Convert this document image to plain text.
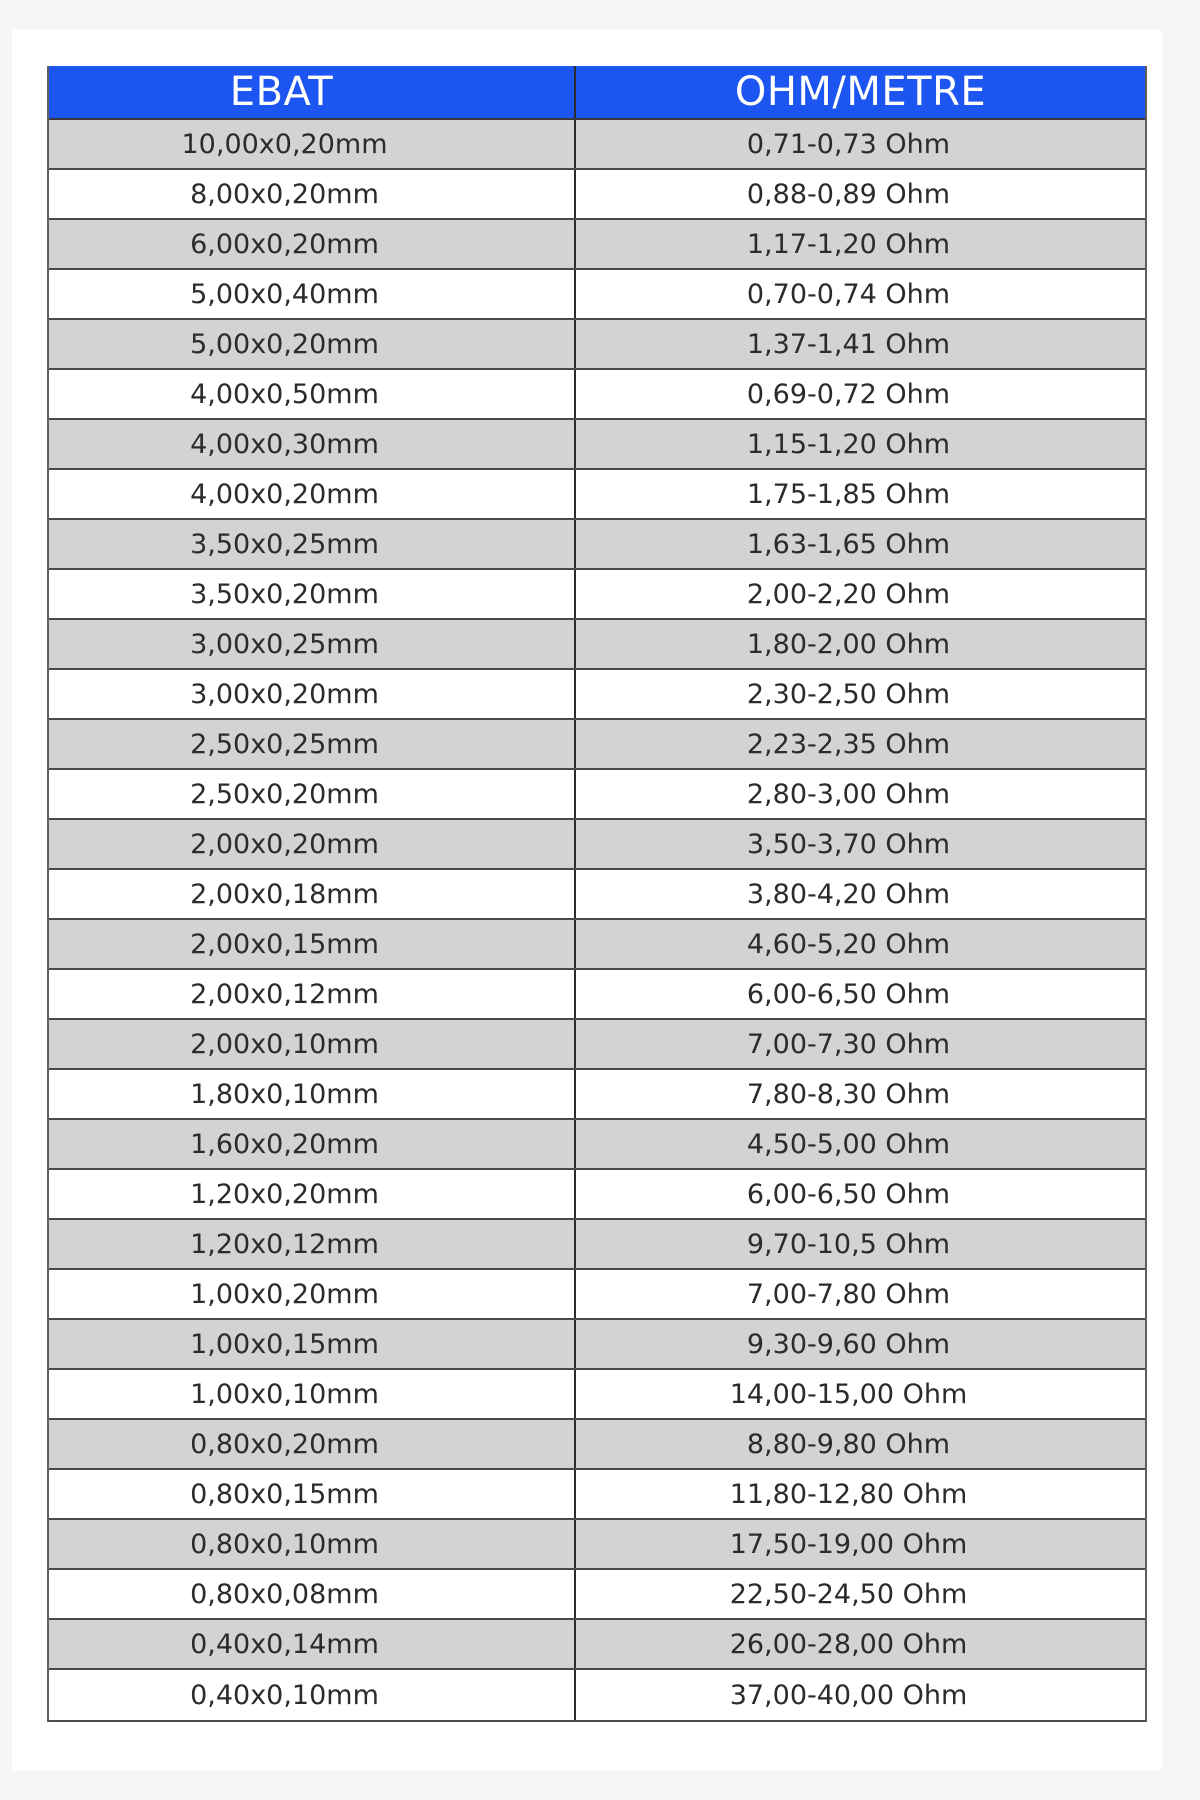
EBAT	OHM/METRE
10,00x0,20mm	0,71-0,73 Ohm
8,00x0,20mm	0,88-0,89 Ohm
6,00x0,20mm	1,17-1,20 Ohm
5,00x0,40mm	0,70-0,74 Ohm
5,00x0,20mm	1,37-1,41 Ohm
4,00x0,50mm	0,69-0,72 Ohm
4,00x0,30mm	1,15-1,20 Ohm
4,00x0,20mm	1,75-1,85 Ohm
3,50x0,25mm	1,63-1,65 Ohm
3,50x0,20mm	2,00-2,20 Ohm
3,00x0,25mm	1,80-2,00 Ohm
3,00x0,20mm	2,30-2,50 Ohm
2,50x0,25mm	2,23-2,35 Ohm
2,50x0,20mm	2,80-3,00 Ohm
2,00x0,20mm	3,50-3,70 Ohm
2,00x0,18mm	3,80-4,20 Ohm
2,00x0,15mm	4,60-5,20 Ohm
2,00x0,12mm	6,00-6,50 Ohm
2,00x0,10mm	7,00-7,30 Ohm
1,80x0,10mm	7,80-8,30 Ohm
1,60x0,20mm	4,50-5,00 Ohm
1,20x0,20mm	6,00-6,50 Ohm
1,20x0,12mm	9,70-10,5 Ohm
1,00x0,20mm	7,00-7,80 Ohm
1,00x0,15mm	9,30-9,60 Ohm
1,00x0,10mm	14,00-15,00 Ohm
0,80x0,20mm	8,80-9,80 Ohm
0,80x0,15mm	11,80-12,80 Ohm
0,80x0,10mm	17,50-19,00 Ohm
0,80x0,08mm	22,50-24,50 Ohm
0,40x0,14mm	26,00-28,00 Ohm
0,40x0,10mm	37,00-40,00 Ohm
